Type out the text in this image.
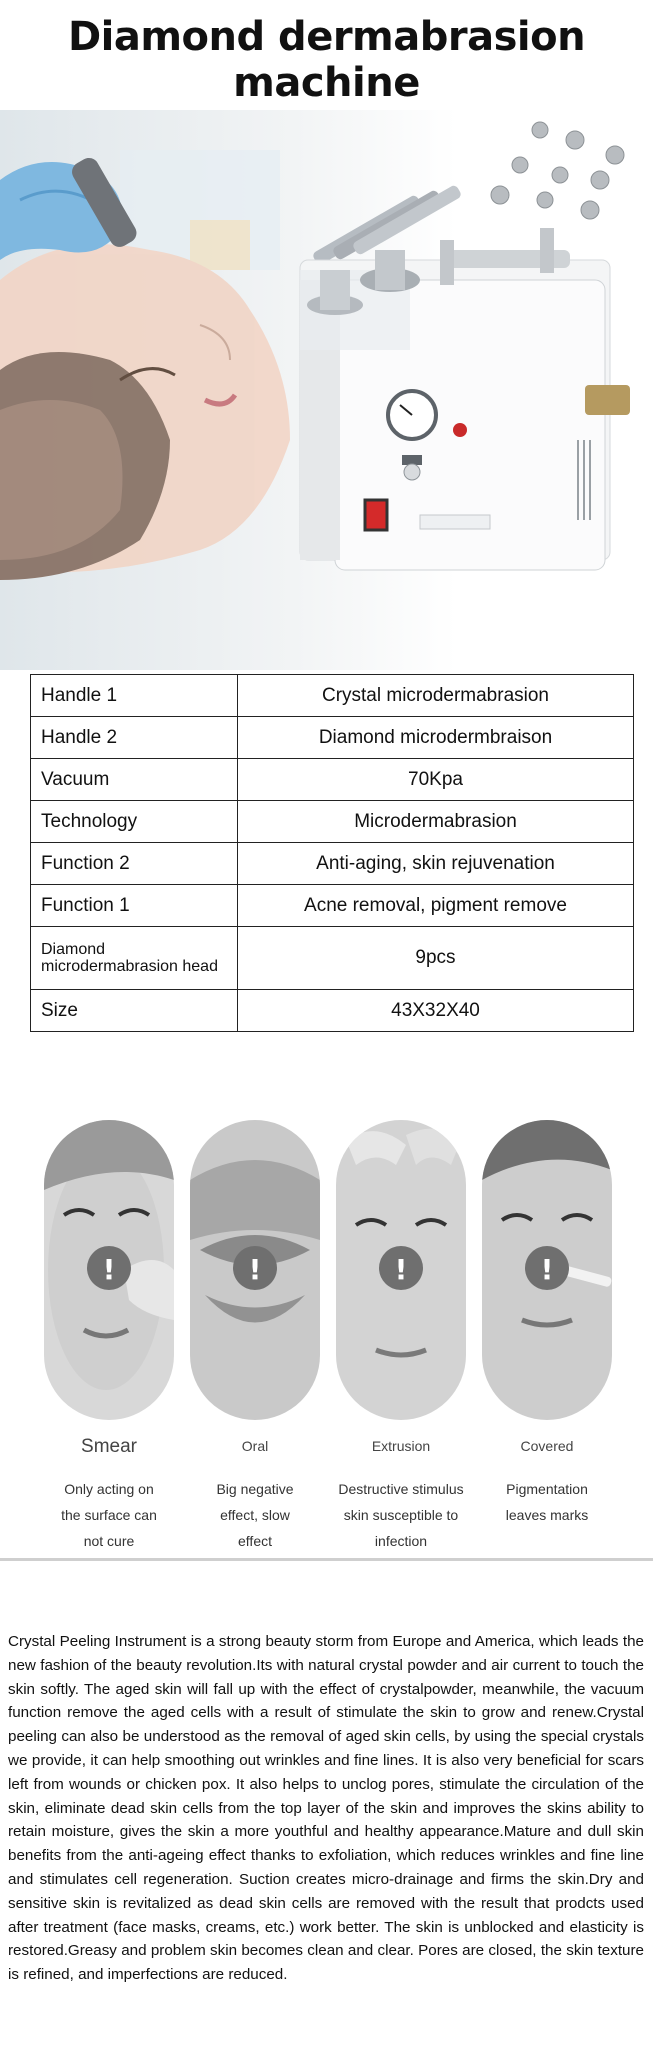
Diamond dermabrasion machine
Handle 1	Crystal microdermabrasion
Handle 2	Diamond microdermbraison
Vacuum	70Kpa
Technology	Microdermabrasion
Function 2	Anti-aging, skin rejuvenation
Function 1	Acne removal, pigment remove
Diamond microdermabrasion head	9pcs
Size	43X32X40
!
Smear
Only acting on
the surface can
not cure
!
Oral
Big negative
effect, slow
effect
!
Extrusion
Destructive stimulus
skin susceptible to
infection
!
Covered
Pigmentation
leaves marks
Crystal Peeling Instrument is a strong beauty storm from Europe and America, which leads the new fashion of the beauty revolution.Its with natural crystal powder and air current to touch the skin softly. The aged skin will fall up with the effect of crystalpowder, meanwhile, the vacuum function remove the aged cells with a result of stimulate the skin to grow and renew.Crystal peeling can also be understood as the removal of aged skin cells, by using the special crystals we provide, it can help smoothing out wrinkles and fine lines. It is also very beneficial for scars left from wounds or chicken pox. It also helps to unclog pores, stimulate the circulation of the skin, eliminate dead skin cells from the top layer of the skin and improves the skins ability to retain moisture, gives the skin a more youthful and healthy appearance.Mature and dull skin benefits from the anti-ageing effect thanks to exfoliation, which reduces wrinkles and fine line and stimulates cell regeneration. Suction creates micro-drainage and firms the skin.Dry and sensitive skin is revitalized as dead skin cells are removed with the result that prodcts used after treatment (face masks, creams, etc.) work better. The skin is unblocked and elasticity is restored.Greasy and problem skin becomes clean and clear. Pores are closed, the skin texture is refined, and imperfections are reduced.
